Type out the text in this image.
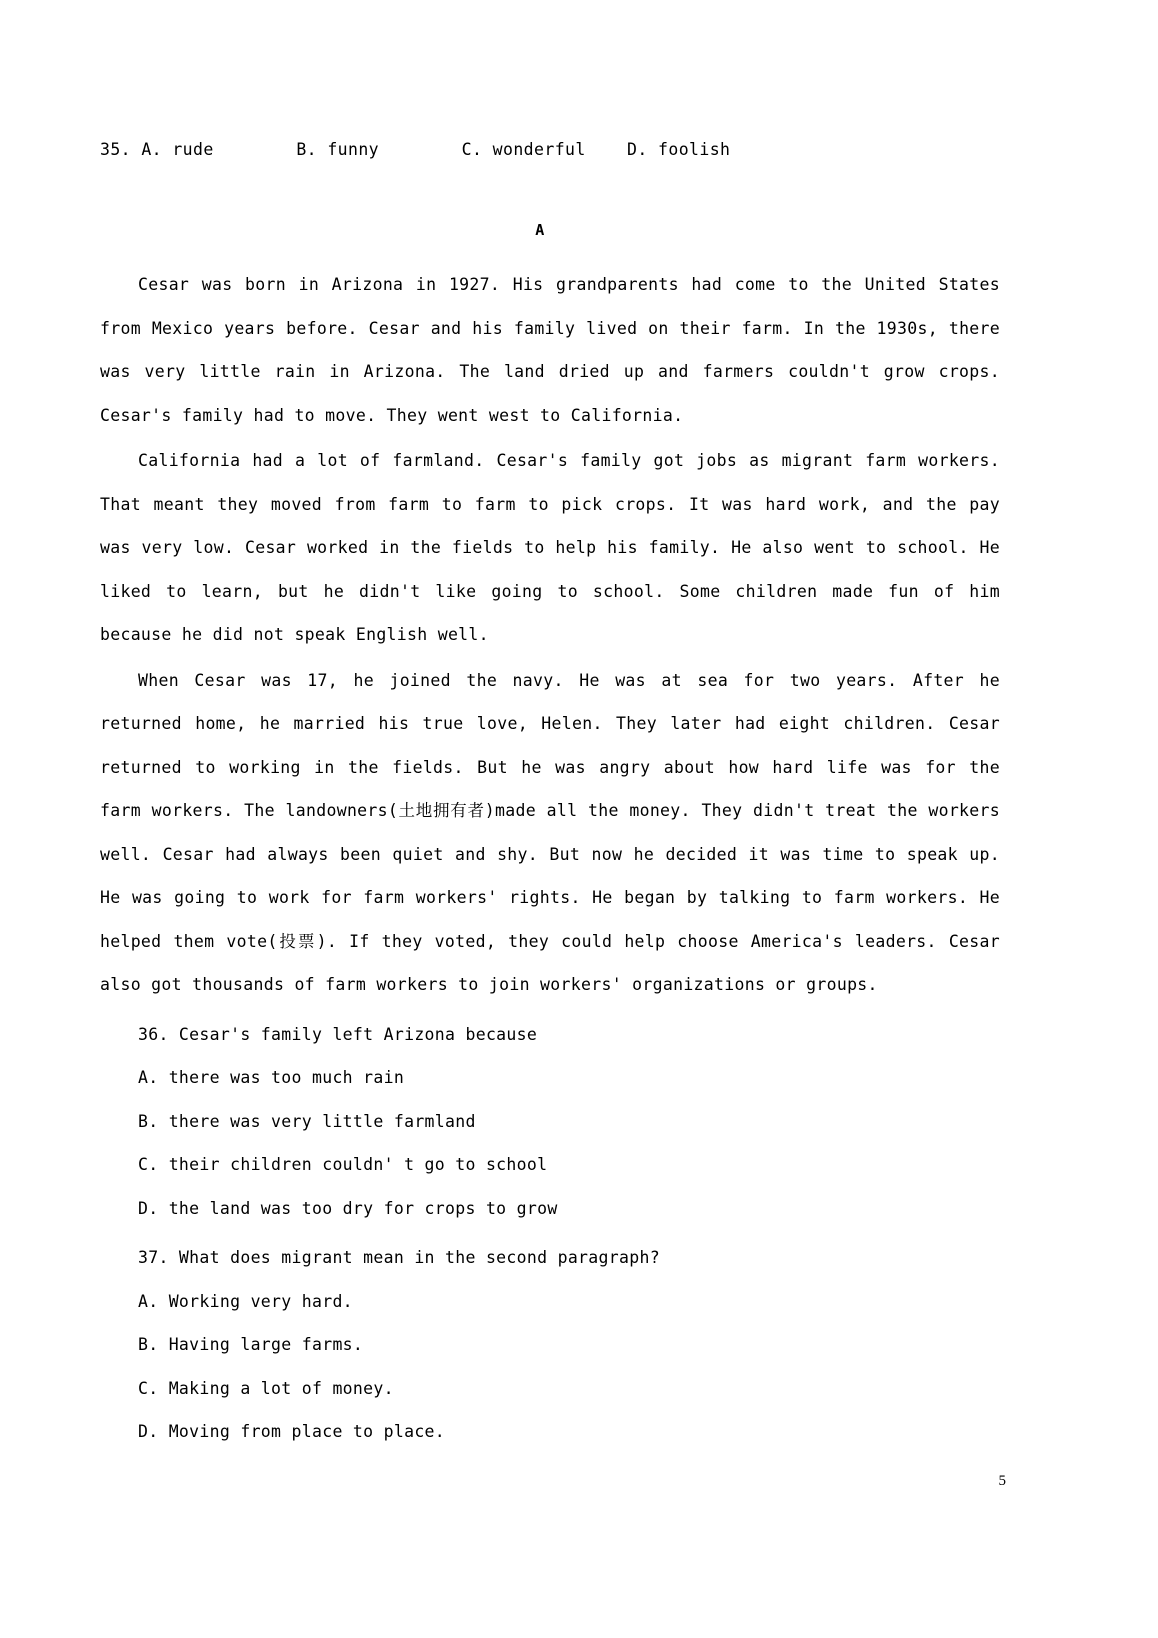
35. A. rude        B. funny        C. wonderful    D. foolish
A

Cesar was born in Arizona in 1927. His grandparents had come to the United States from Mexico years before. Cesar and his family lived on their farm. In the 1930s, there was very little rain in Arizona. The land dried up and farmers couldn't grow crops. Cesar's family had to move. They went west to California.

California had a lot of farmland. Cesar's family got jobs as migrant farm workers. That meant they moved from farm to farm to pick crops. It was hard work, and the pay was very low. Cesar worked in the fields to help his family. He also went to school. He liked to learn, but he didn't like going to school. Some children made fun of him because he did not speak English well.

When Cesar was 17, he joined the navy. He was at sea for two years. After he returned home, he married his true love, Helen. They later had eight children. Cesar returned to working in the fields. But he was angry about how hard life was for the farm workers. The landowners(土地拥有者)made all the money. They didn't treat the workers well. Cesar had always been quiet and shy. But now he decided it was time to speak up. He was going to work for farm workers' rights. He began by talking to farm workers. He helped them vote(投票). If they voted, they could help choose America's leaders. Cesar also got thousands of farm workers to join workers' organizations or groups.

36. Cesar's family left Arizona because
A. there was too much rain
B. there was very little farmland
C. their children couldn' t go to school
D. the land was too dry for crops to grow
37. What does migrant mean in the second paragraph?
A. Working very hard.
B. Having large farms.
C. Making a lot of money.
D. Moving from place to place.
5
